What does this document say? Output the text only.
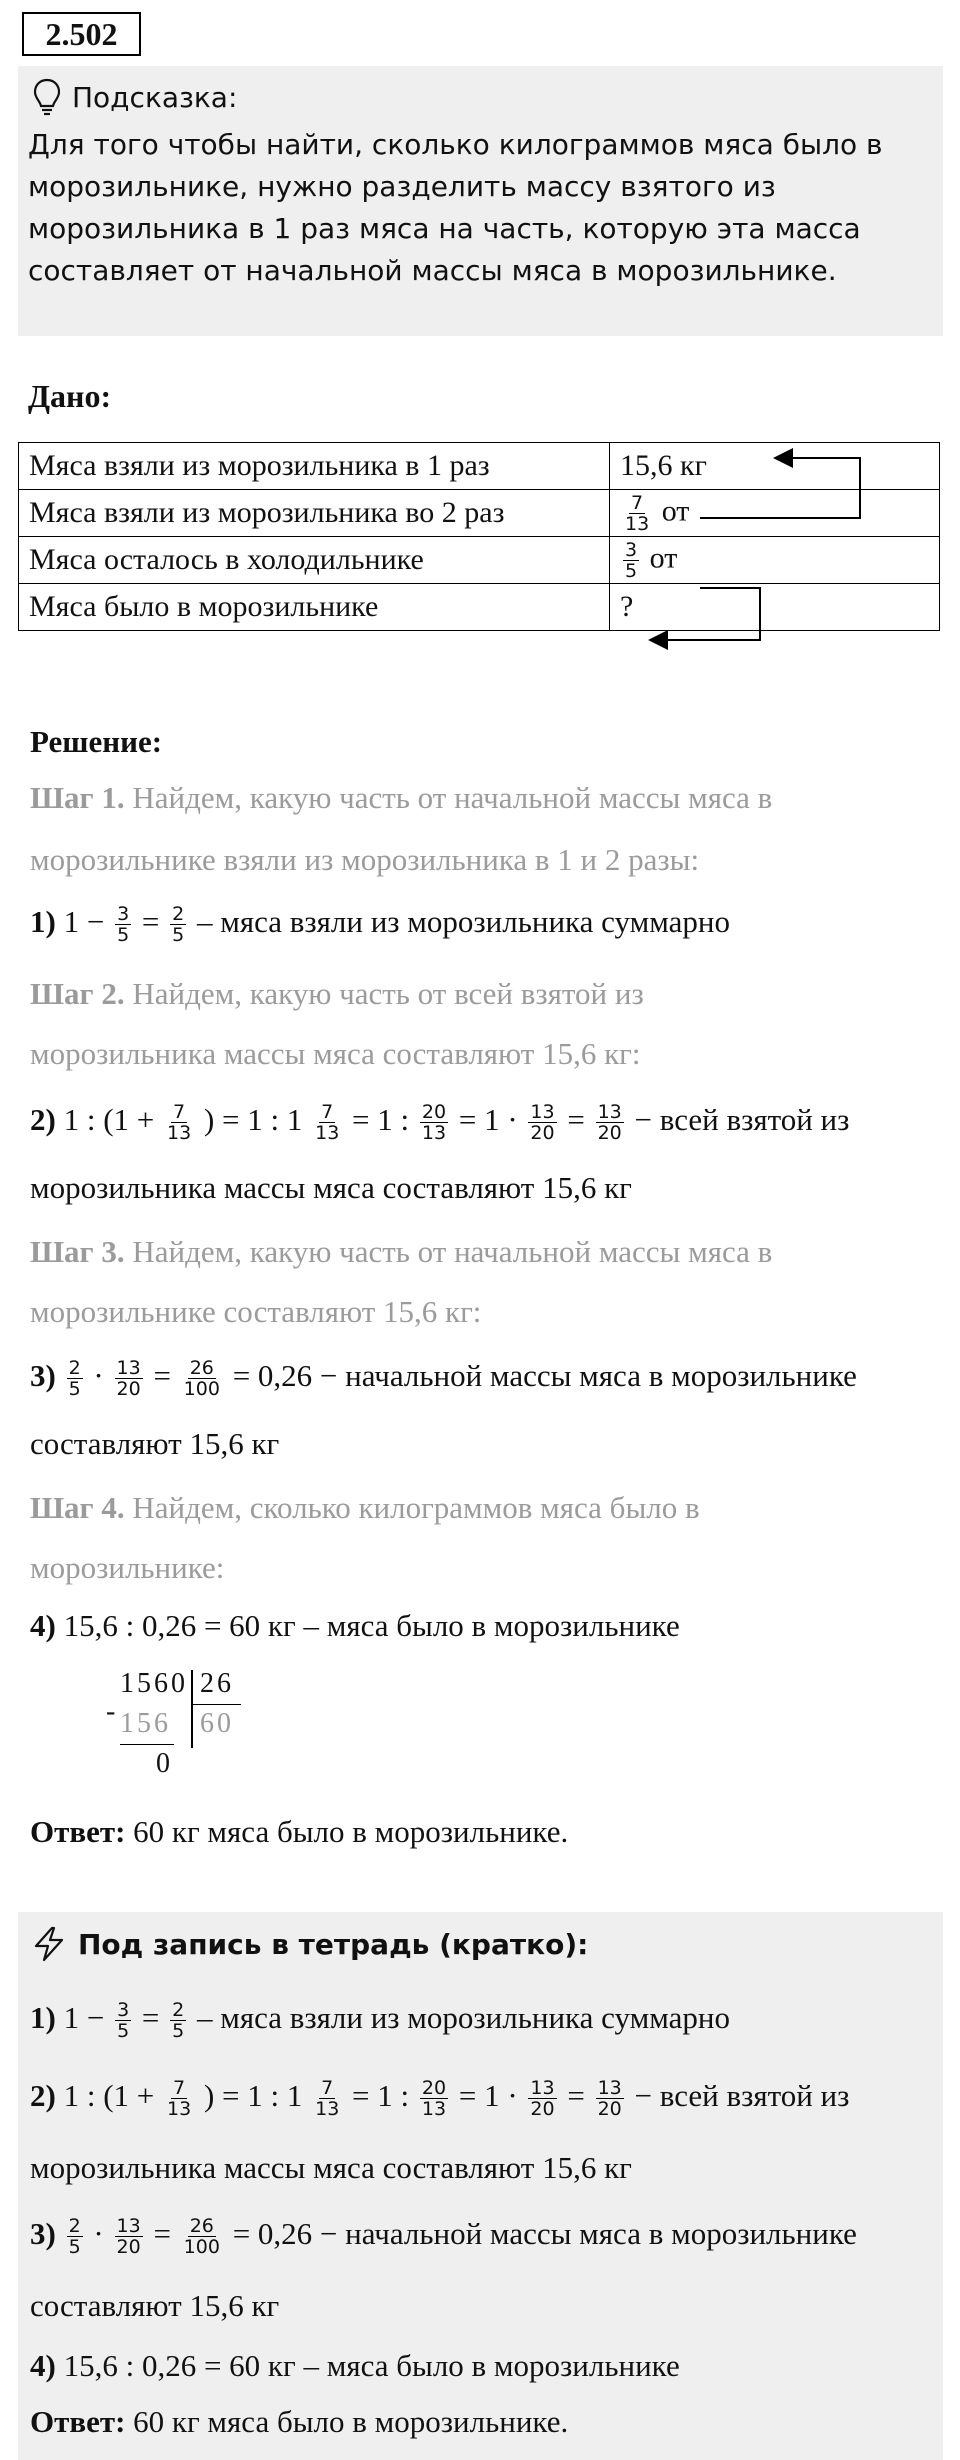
2.502
Подсказка:
Для того чтобы найти, сколько килограммов мяса было в
морозильнике, нужно разделить массу взятого из
морозильника в 1 раз мяса на часть, которую эта масса
составляет от начальной массы мяса в морозильнике.
Дано:
Мяса взяли из морозильника в 1 раз	15,6 кг
Мяса взяли из морозильника во 2 раз	$\frac{7}{13}$ от
Мяса осталось в холодильнике	$\frac{3}{5}$ от
Мяса было в морозильнике	?
Решение:
Шаг 1. Найдем, какую часть от начальной массы мяса в
морозильнике взяли из морозильника в 1 и 2 разы:
1) $1 - \frac{3}{5} = \frac{2}{5}$ – мяса взяли из морозильника суммарно
Шаг 2. Найдем, какую часть от всей взятой из
морозильника массы мяса составляют 15,6 кг:
2) 1 : ($1 + \frac{7}{13}$ ) = 1 : $1 \frac{7}{13} = 1$ : $\frac{20}{13} = 1 \cdot \frac{13}{20} = \frac{13}{20}$ − всей взятой из
морозильника массы мяса составляют 15,6 кг
Шаг 3. Найдем, какую часть от начальной массы мяса в
морозильнике составляют 15,6 кг:
$3) \frac{2}{5} \cdot \frac{13}{20} = \frac{26}{100} = 0,26$ − начальной массы мяса в морозильнике
составляют 15,6 кг
Шаг 4. Найдем, сколько килограммов мяса было в
морозильнике:
4) 15,6 : 0,26 = 60 кг – мяса было в морозильнике
-
1560
156
0
26
60
Ответ: 60 кг мяса было в морозильнике.
Под запись в тетрадь (кратко):
1) $1 - \frac{3}{5} = \frac{2}{5}$ – мяса взяли из морозильника суммарно
2) 1 : ($1 + \frac{7}{13}$ ) = 1 : $1 \frac{7}{13} = 1$ : $\frac{20}{13} = 1 \cdot \frac{13}{20} = \frac{13}{20}$ − всей взятой из
морозильника массы мяса составляют 15,6 кг
$3) \frac{2}{5} \cdot \frac{13}{20} = \frac{26}{100} = 0,26$ − начальной массы мяса в морозильнике
составляют 15,6 кг
4) 15,6 : 0,26 = 60 кг – мяса было в морозильнике
Ответ: 60 кг мяса было в морозильнике.
